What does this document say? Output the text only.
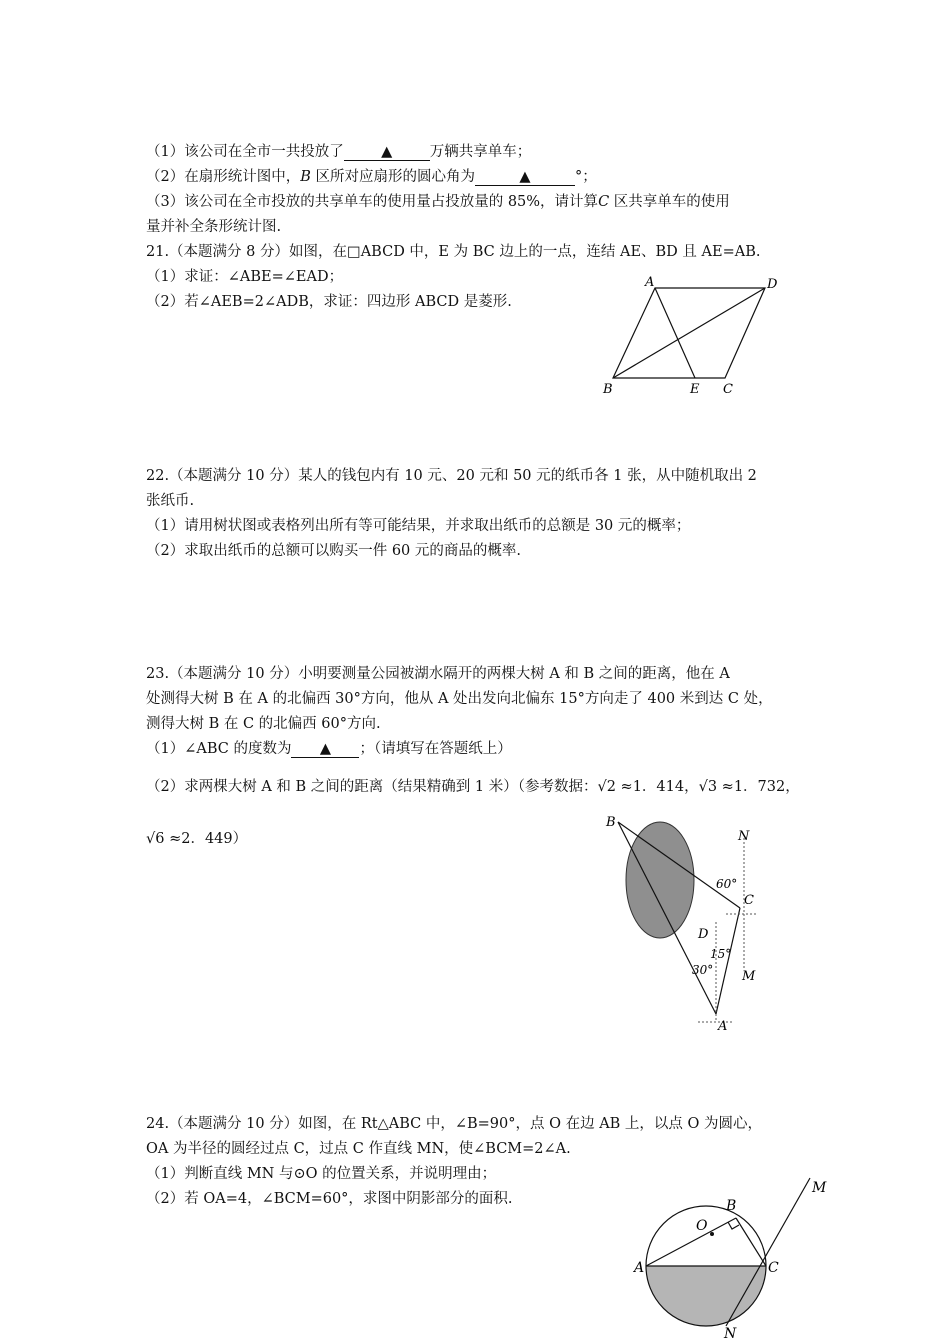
（1）该公司在全市一共投放了	▲	万辆共享单车；
（2）在扇形统计图中，B 区所对应扇形的圆心角为	▲	°；
（3）该公司在全市投放的共享单车的使用量占投放量的 85%，请计算C 区共享单车的使用
量并补全条形统计图.
21.（本题满分 8 分）如图，在□ABCD 中，E 为 BC 边上的一点，连结 AE、BD 且 AE=AB.
（1）求证：∠ABE=∠EAD；
（2）若∠AEB=2∠ADB，求证：四边形 ABCD 是菱形.
A	D
B	E C
22.（本题满分 10 分）某人的钱包内有 10 元、20 元和 50 元的纸币各 1 张，从中随机取出 2
张纸币.
（1）请用树状图或表格列出所有等可能结果，并求取出纸币的总额是 30 元的概率；
（2）求取出纸币的总额可以购买一件 60 元的商品的概率.
23.（本题满分 10 分）小明要测量公园被湖水隔开的两棵大树 A 和 B 之间的距离，他在 A
处测得大树 B 在 A 的北偏西 30°方向，他从 A 处出发向北偏东 15°方向走了 400 米到达 C 处，
测得大树 B 在 C 的北偏西 60°方向.
（1）∠ABC 的度数为 ▲ ；（请填写在答题纸上）
（2）求两棵大树 A 和 B 之间的距离（结果精确到 1 米）（参考数据：√2 ≈1．414，√3 ≈1．732，
√6 ≈2．449）
B
N
60°
C
D
15°
30° M
A
24.（本题满分 10 分）如图，在 Rt△ABC 中，∠B=90°，点 O 在边 AB 上，以点 O 为圆心，
OA 为半径的圆经过点 C，过点 C 作直线 MN，使∠BCM=2∠A.
（1）判断直线 MN 与⊙O 的位置关系，并说明理由；
（2）若 OA=4，∠BCM=60°，求图中阴影部分的面积.	B
O
M
A	C
N
